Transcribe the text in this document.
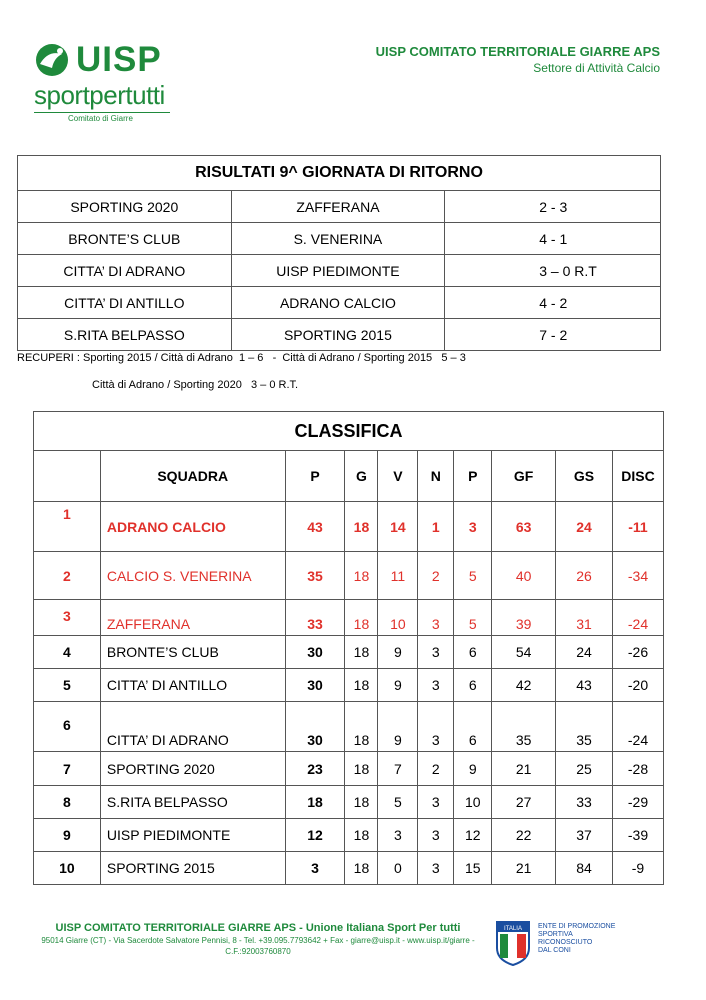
UISP
sportpertutti
Comitato di Giarre
UISP COMITATO TERRITORIALE GIARRE APS
Settore di Attività Calcio
RISULTATI 9^ GIORNATA DI RITORNO		
SPORTING 2020	ZAFFERANA	2 - 3
BRONTE’S CLUB	S. VENERINA	4 - 1
CITTA’ DI ADRANO	UISP PIEDIMONTE	3 – 0 R.T
CITTA’ DI ANTILLO	ADRANO CALCIO	4 - 2
S.RITA BELPASSO	SPORTING 2015	7 - 2
RECUPERI : Sporting 2015 / Città di Adrano  1 – 6   -  Città di Adrano / Sporting 2015   5 – 3
Città di Adrano / Sporting 2020   3 – 0 R.T.
CLASSIFICA									
	SQUADRA	P	G	V	N	P	GF	GS	DISC
1	ADRANO CALCIO	43	18	14	1	3	63	24	-11
2	CALCIO S. VENERINA	35	18	11	2	5	40	26	-34
3	ZAFFERANA	33	18	10	3	5	39	31	-24
4	BRONTE’S CLUB	30	18	9	3	6	54	24	-26
5	CITTA’ DI ANTILLO	30	18	9	3	6	42	43	-20
6	CITTA’ DI ADRANO	30	18	9	3	6	35	35	-24
7	SPORTING 2020	23	18	7	2	9	21	25	-28
8	S.RITA BELPASSO	18	18	5	3	10	27	33	-29
9	UISP PIEDIMONTE	12	18	3	3	12	22	37	-39
10	SPORTING 2015	3	18	0	3	15	21	84	-9
UISP COMITATO TERRITORIALE GIARRE APS - Unione Italiana Sport Per tutti
95014 Giarre (CT) - Via Sacerdote Salvatore Pennisi, 8 - Tel. +39.095.7793642 + Fax - giarre@uisp.it - www.uisp.it/giarre -
C.F.:92003760870
ITALIA ENTE DI PROMOZIONE
SPORTIVA
RICONOSCIUTO
DAL CONI
